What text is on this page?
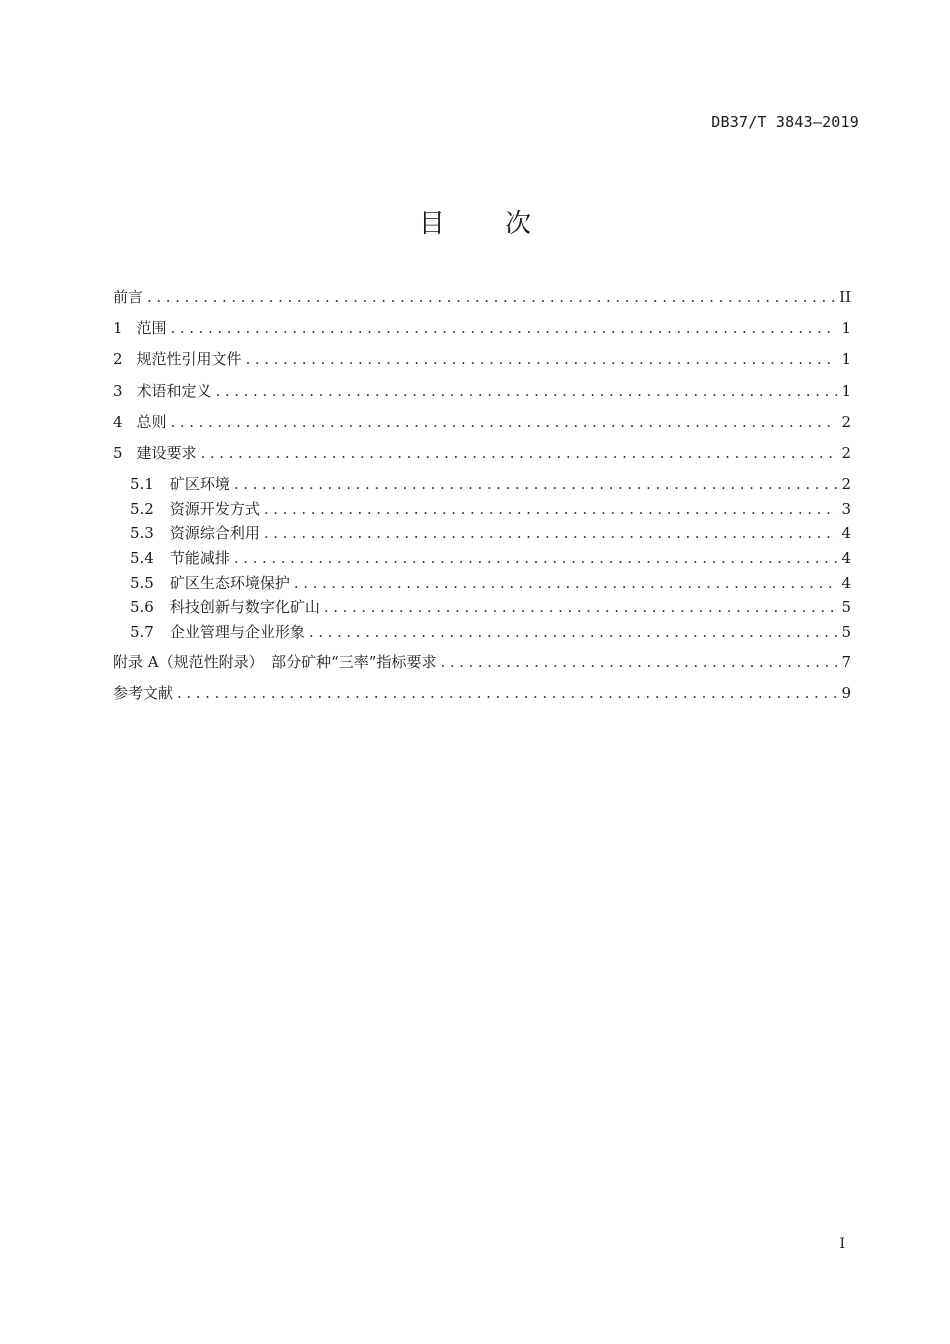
DB37/T 3843—2019
目 次
前言 .....	II
1 范围 .....	1
2 规范性引用文件 .....	1
3 术语和定义 .....	1
4 总则 .....	2
5 建设要求 .....	2
5.1 矿区环境 .....	2
5.2 资源开发方式 .....	3
5.3 资源综合利用 .....	4
5.4 节能减排 .....	4
5.5 矿区生态环境保护 .....	4
5.6 科技创新与数字化矿山 .....	5
5.7 企业管理与企业形象 .....	5
附录 A（规范性附录）　部分矿种“三率”指标要求 .....	7
参考文献 .....	9
I
